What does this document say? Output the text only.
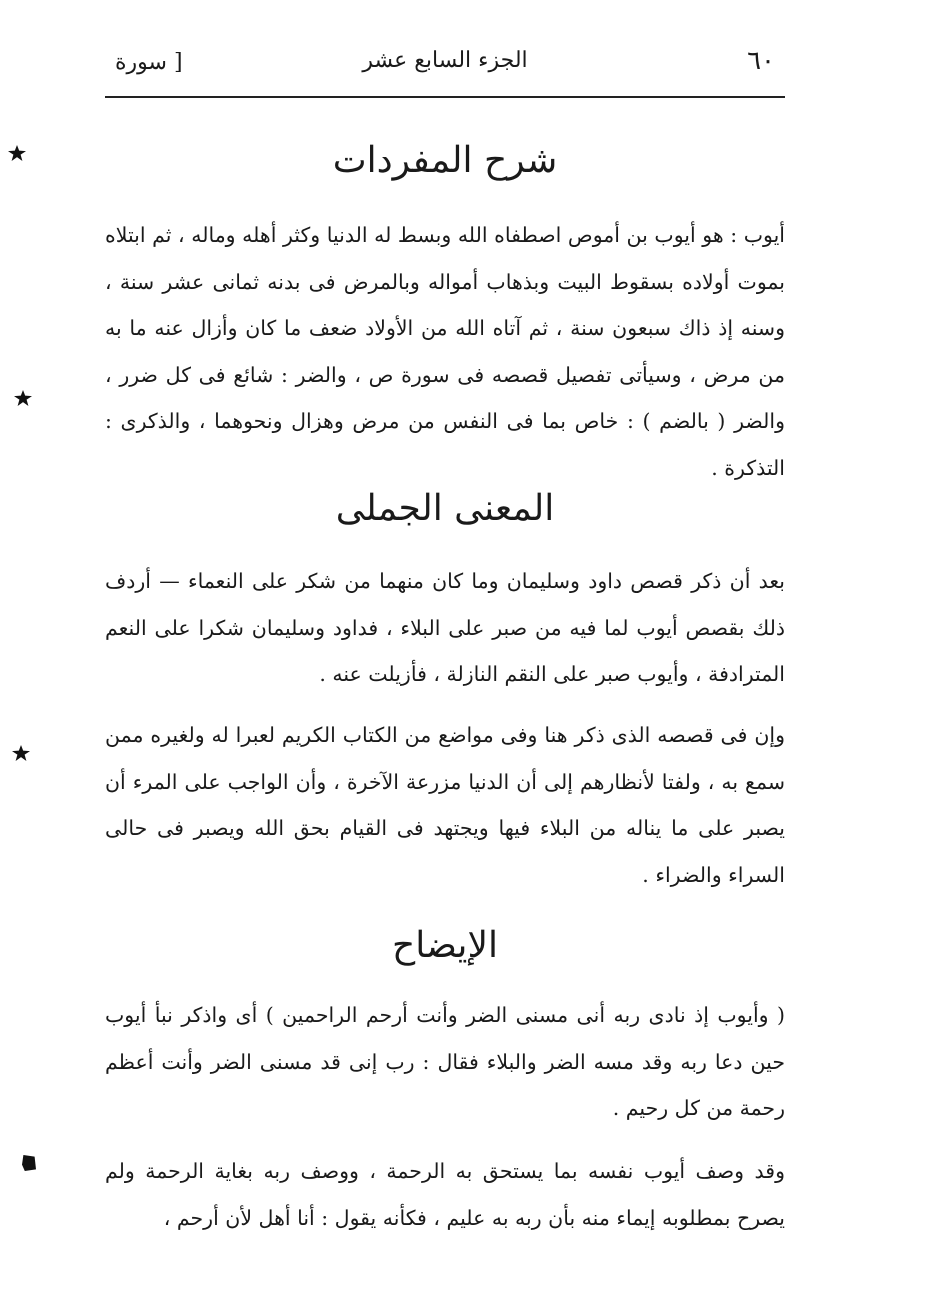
٦٠
الجزء السابع عشر
[ سورة
شرح المفردات
أيوب : هو أيوب بن أموص اصطفاه الله وبسط له الدنيا وكثر أهله وماله ، ثم ابتلاه بموت أولاده بسقوط البيت وبذهاب أمواله وبالمرض فى بدنه ثمانى عشر سنة ، وسنه إذ ذاك سبعون سنة ، ثم آتاه الله من الأولاد ضعف ما كان وأزال عنه ما به من مرض ، وسيأتى تفصيل قصصه فى سورة ص ، والضر : شائع فى كل ضرر ، والضر ( بالضم ) : خاص بما فى النفس من مرض وهزال ونحوهما ، والذكرى : التذكرة .
المعنى الجملى
بعد أن ذكر قصص داود وسليمان وما كان منهما من شكر على النعماء — أردف ذلك بقصص أيوب لما فيه من صبر على البلاء ، فداود وسليمان شكرا على النعم المترادفة ، وأيوب صبر على النقم النازلة ، فأزيلت عنه .
وإن فى قصصه الذى ذكر هنا وفى مواضع من الكتاب الكريم لعبرا له ولغيره ممن سمع به ، ولفتا لأنظارهم إلى أن الدنيا مزرعة الآخرة ، وأن الواجب على المرء أن يصبر على ما يناله من البلاء فيها ويجتهد فى القيام بحق الله ويصبر فى حالى السراء والضراء .
الإيضاح
( وأيوب إذ نادى ربه أنى مسنى الضر وأنت أرحم الراحمين ) أى واذكر نبأ أيوب حين دعا ربه وقد مسه الضر والبلاء فقال : رب إنى قد مسنى الضر وأنت أعظم رحمة من كل رحيم .
وقد وصف أيوب نفسه بما يستحق به الرحمة ، ووصف ربه بغاية الرحمة ولم يصرح بمطلوبه إيماء منه بأن ربه به عليم ، فكأنه يقول : أنا أهل لأن أرحم ،
